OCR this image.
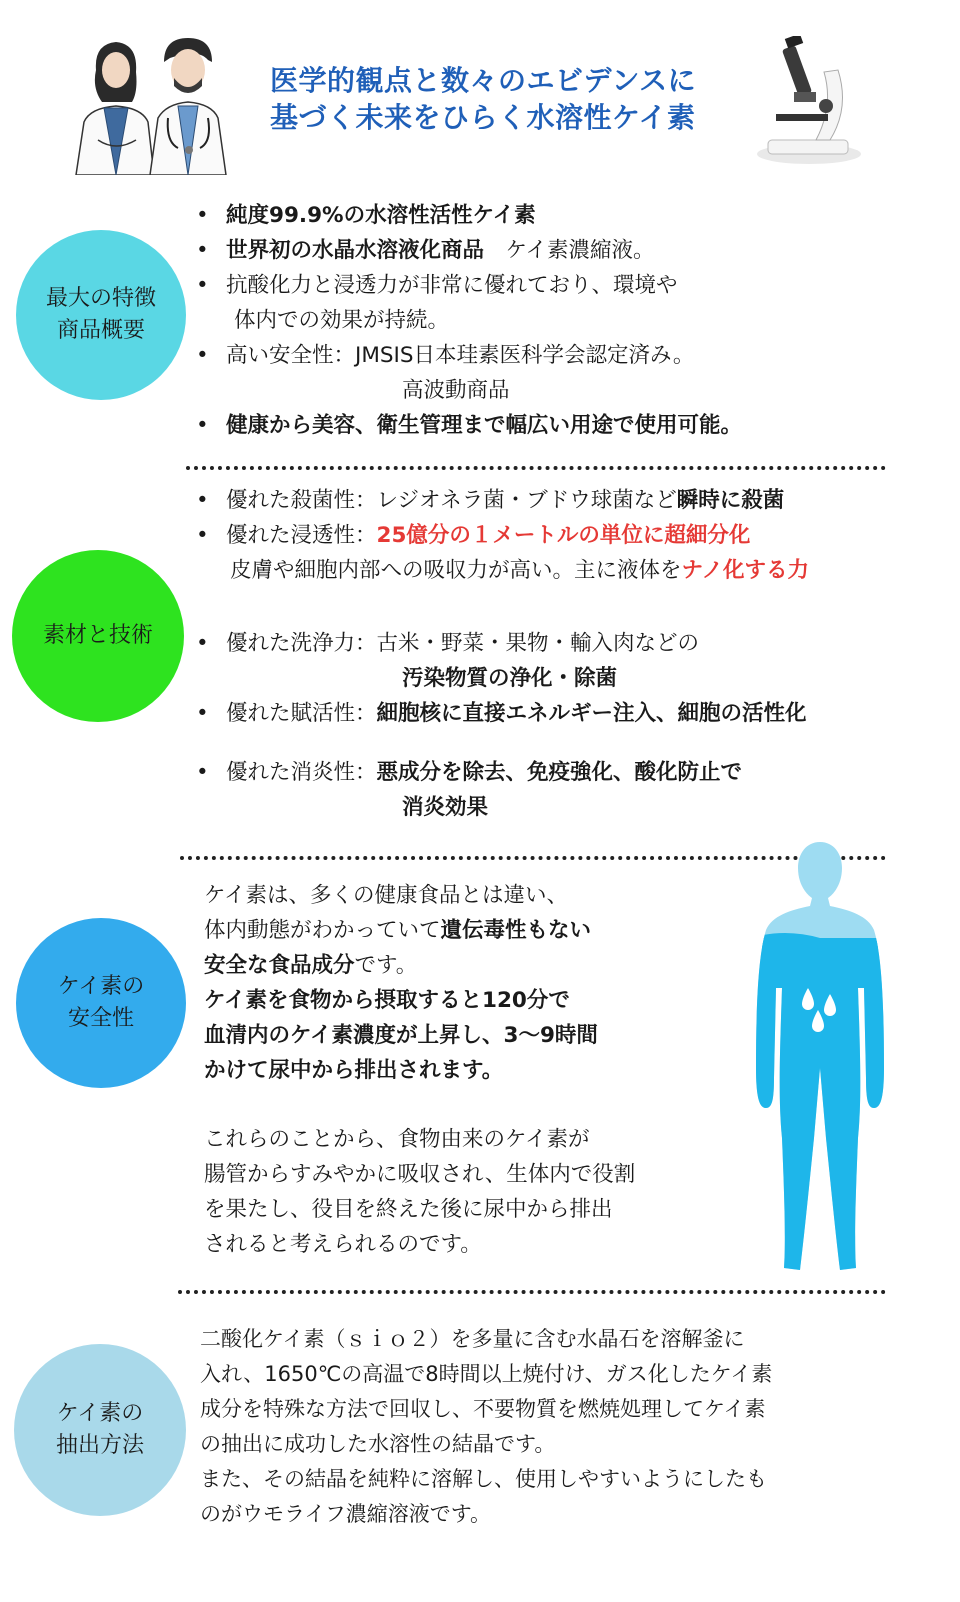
医学的観点と数々のエビデンスに
基づく未来をひらく水溶性ケイ素
最大の特徴
商品概要
• 純度99.9%の水溶性活性ケイ素
• 世界初の水晶水溶液化商品　ケイ素濃縮液。
• 抗酸化力と浸透力が非常に優れており、環境や
体内での効果が持続。
• 高い安全性：JMSIS日本珪素医科学会認定済み。
高波動商品
• 健康から美容、衛生管理まで幅広い用途で使用可能。
素材と技術
• 優れた殺菌性：レジオネラ菌・ブドウ球菌など瞬時に殺菌
• 優れた浸透性：25億分の１メートルの単位に超細分化
皮膚や細胞内部への吸収力が高い。主に液体をナノ化する力
• 優れた洗浄力：古米・野菜・果物・輸入肉などの
汚染物質の浄化・除菌
• 優れた賦活性：細胞核に直接エネルギー注入、細胞の活性化
• 優れた消炎性：悪成分を除去、免疫強化、酸化防止で
消炎効果
ケイ素の
安全性
ケイ素は、多くの健康食品とは違い、
体内動態がわかっていて遺伝毒性もない
安全な食品成分です。
ケイ素を食物から摂取すると120分で
血清内のケイ素濃度が上昇し、3〜9時間
かけて尿中から排出されます。
これらのことから、食物由来のケイ素が
腸管からすみやかに吸収され、生体内で役割
を果たし、役目を終えた後に尿中から排出
されると考えられるのです。
ケイ素の
抽出方法
二酸化ケイ素（ｓｉｏ２）を多量に含む水晶石を溶解釜に
入れ、1650℃の高温で8時間以上焼付け、ガス化したケイ素
成分を特殊な方法で回収し、不要物質を燃焼処理してケイ素
の抽出に成功した水溶性の結晶です。
また、その結晶を純粋に溶解し、使用しやすいようにしたも
のがウモライフ濃縮溶液です。
